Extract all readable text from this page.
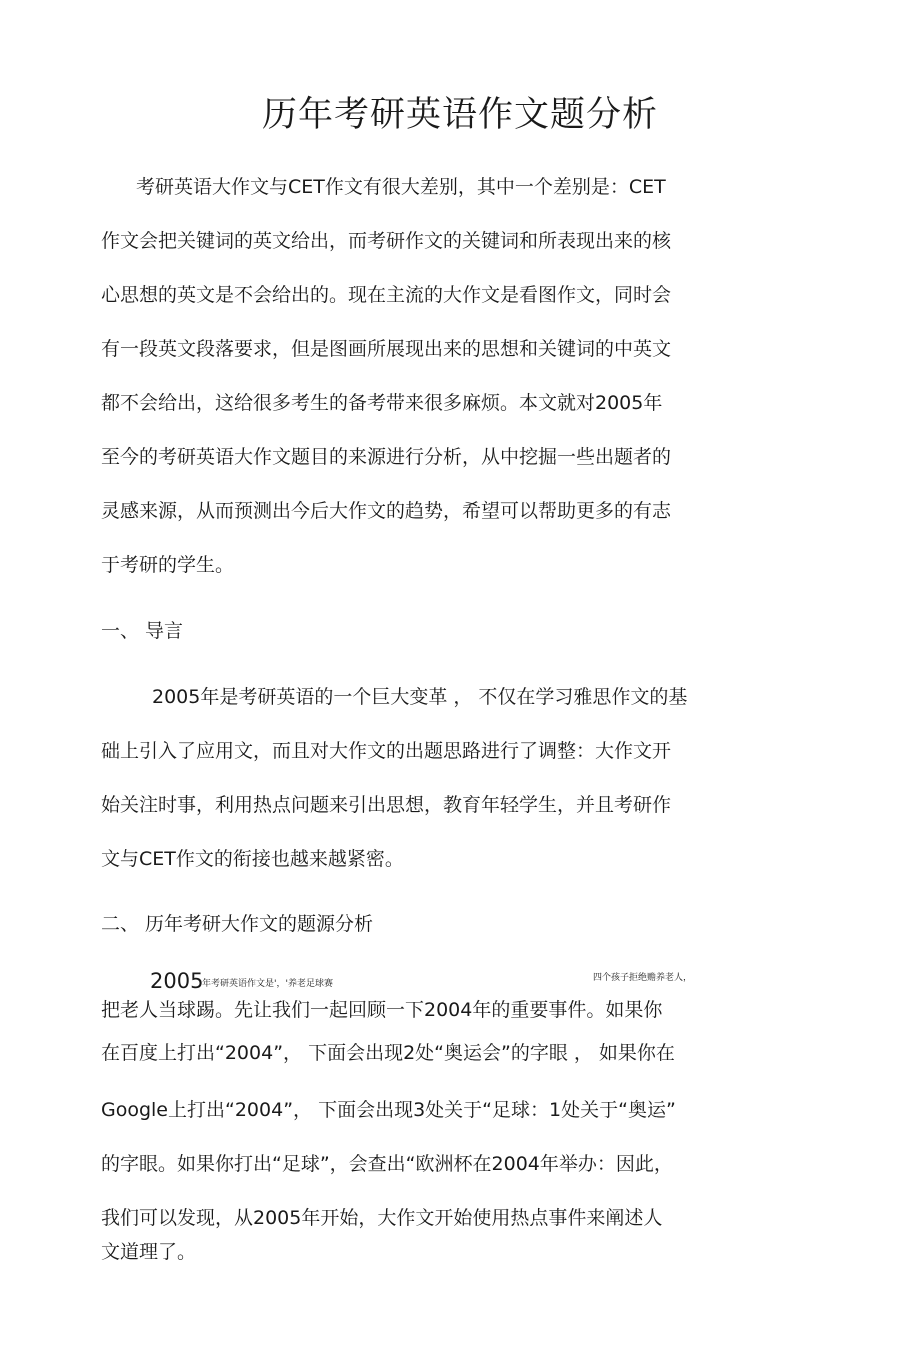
历年考研英语作文题分析
考研英语大作文与CET作文有很大差别，其中一个差别是：CET
作文会把关键词的英文给出，而考研作文的关键词和所表现出来的核
心思想的英文是不会给出的。现在主流的大作文是看图作文，同时会
有一段英文段落要求，但是图画所展现出来的思想和关键词的中英文
都不会给出，这给很多考生的备考带来很多麻烦。本文就对2005年
至今的考研英语大作文题目的来源进行分析，从中挖掘一些出题者的
灵感来源，从而预测出今后大作文的趋势，希望可以帮助更多的有志
于考研的学生。
一、 导言
2005年是考研英语的一个巨大变革 ， 不仅在学习雅思作文的基
础上引入了应用文，而且对大作文的出题思路进行了调整：大作文开
始关注时事，利用热点问题来引出思想，教育年轻学生，并且考研作
文与CET作文的衔接也越来越紧密。
二、 历年考研大作文的题源分析
2005
年考研英语作文是'，'养老足球赛
四个孩子拒绝赡养老人，
把老人当球踢。先让我们一起回顾一下2004年的重要事件。如果你
在百度上打出“2004”， 下面会出现2处“奥运会”的字眼 ， 如果你在
Google上打出“2004”， 下面会出现3处关于“足球：1处关于“奥运”
的字眼。如果你打出“足球”，会查出“欧洲杯在2004年举办：因此，
我们可以发现，从2005年开始，大作文开始使用热点事件来阐述人
文道理了。
